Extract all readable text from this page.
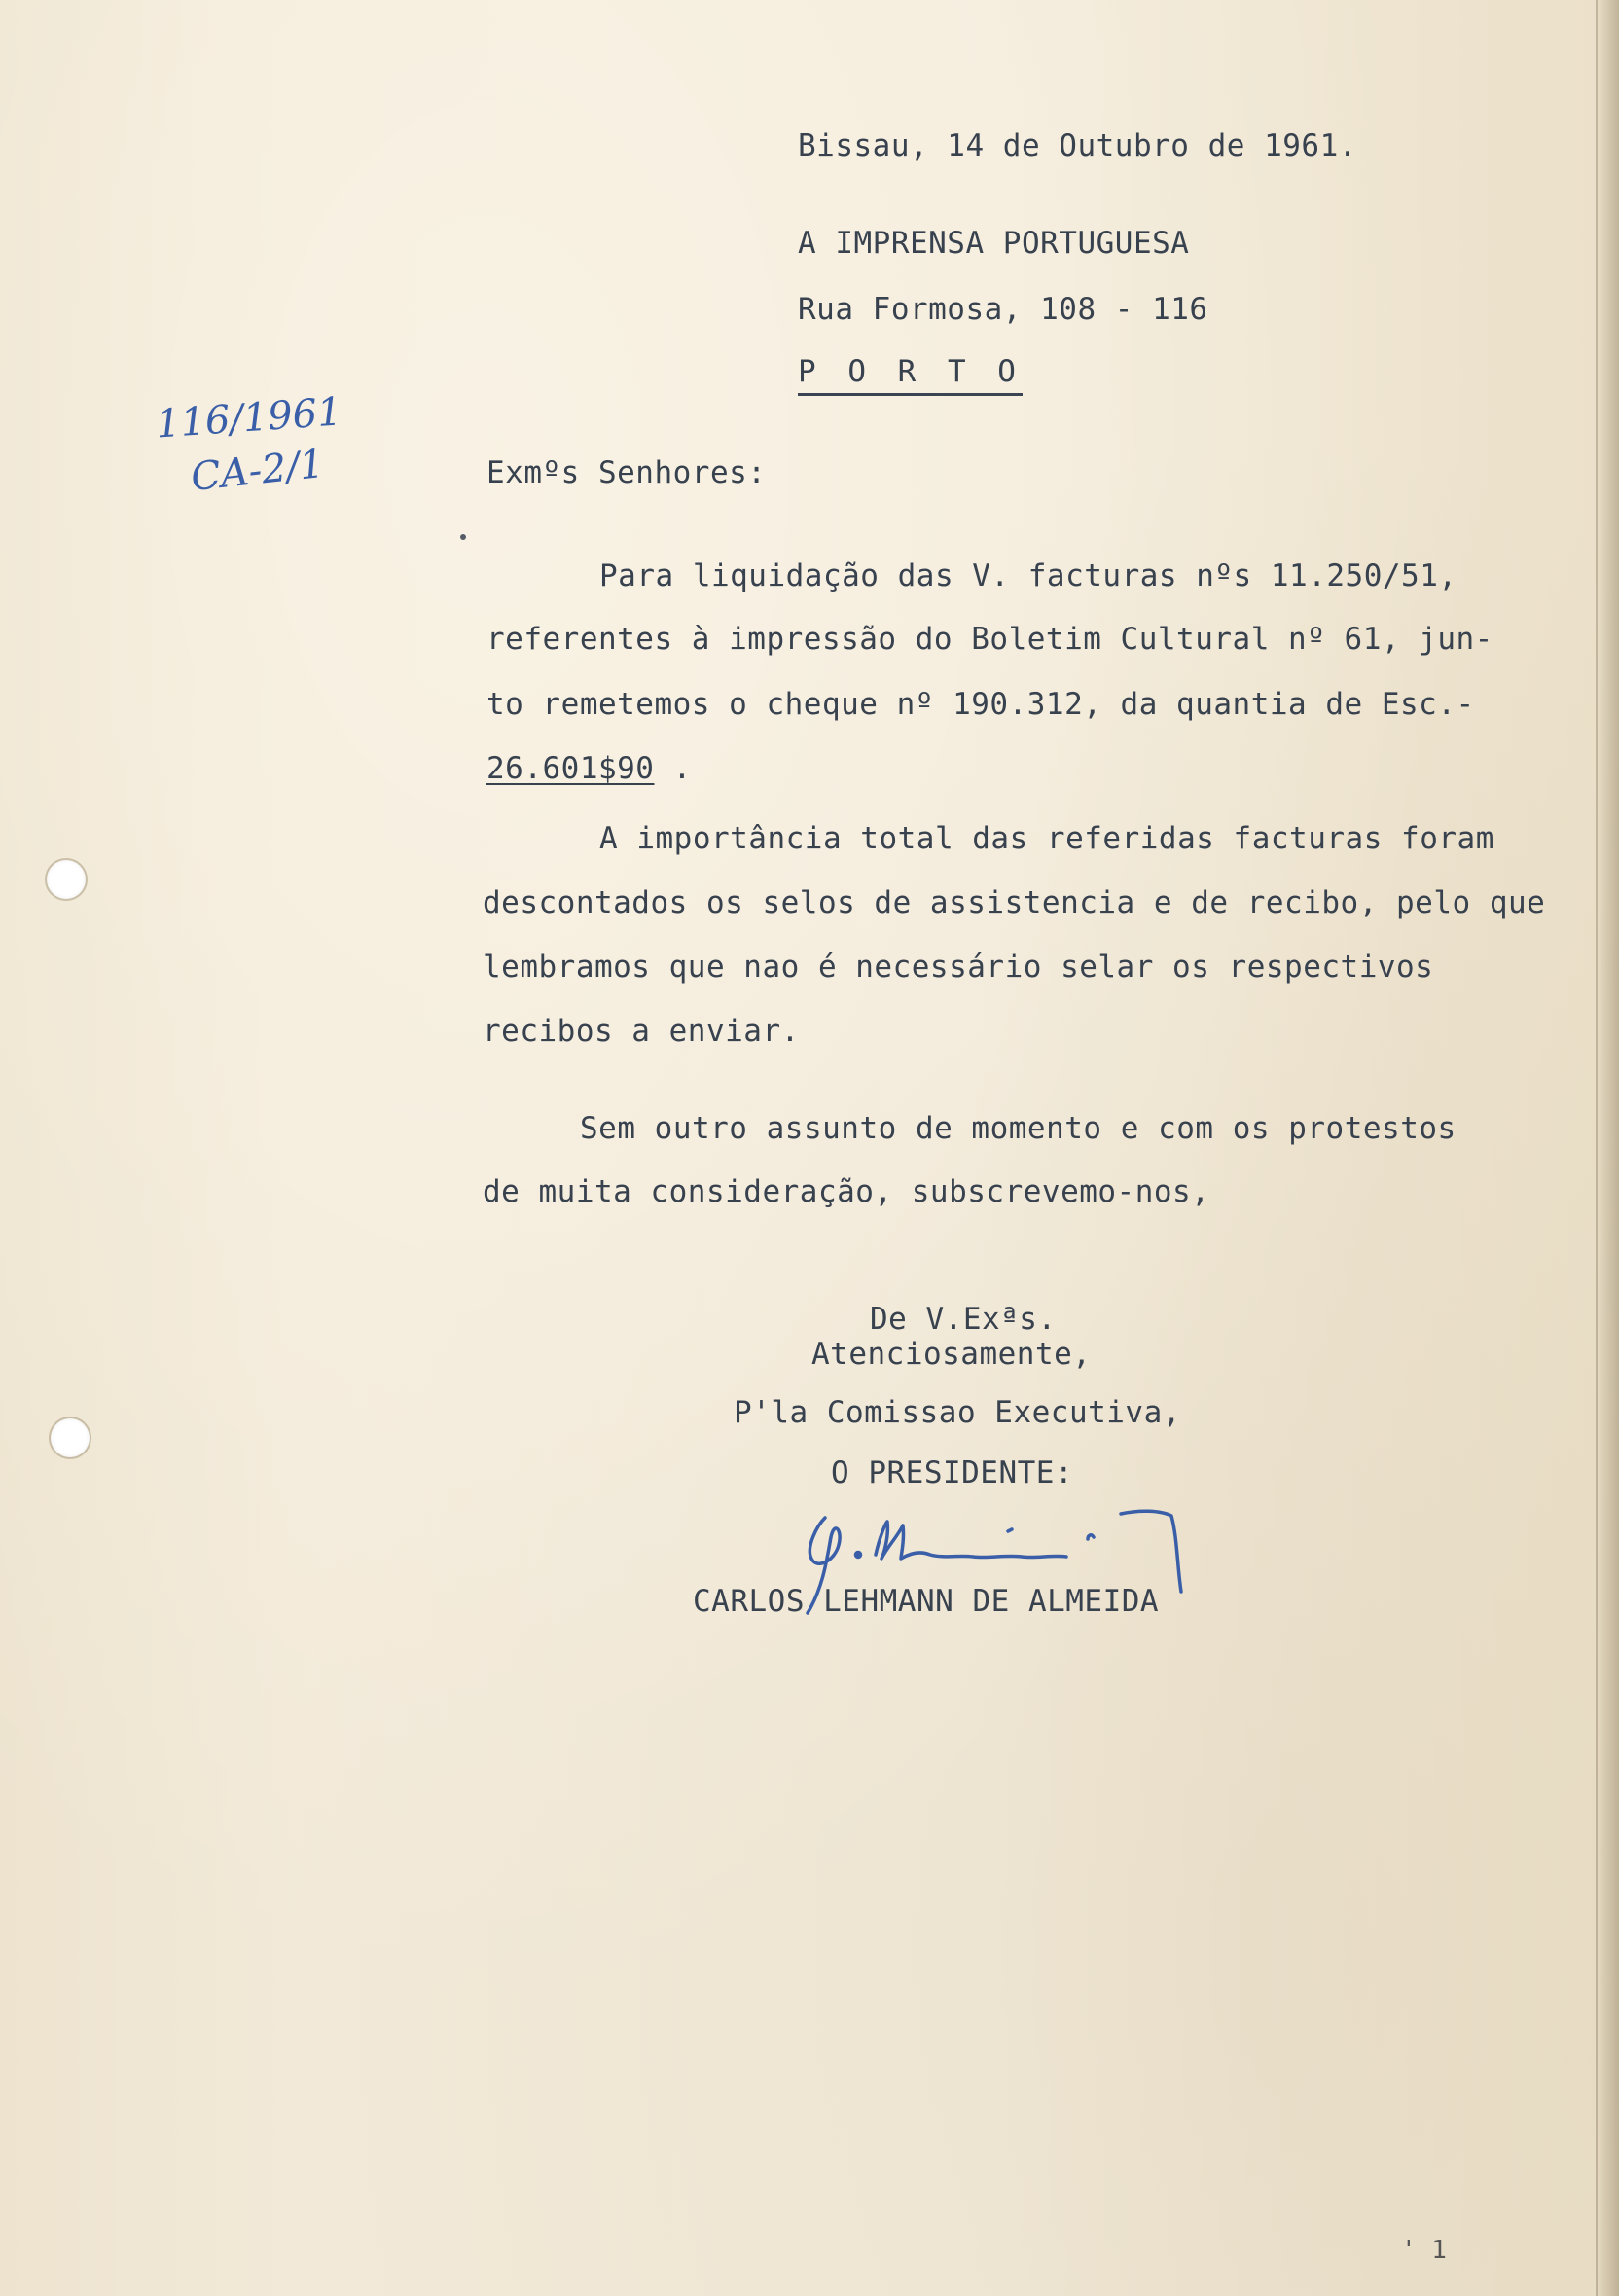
Bissau, 14 de Outubro de 1961.
A IMPRENSA PORTUGUESA
Rua Formosa, 108 - 116
P O R T O
116/1961
CA-2/1	Exmºs Senhores:
Para liquidação das V. facturas nºs 11.250/51,
referentes à impressão do Boletim Cultural nº 61, jun-
to remetemos o cheque nº 190.312, da quantia de Esc.-
26.601$90 .
A importância total das referidas facturas foram
descontados os selos de assistencia e de recibo, pelo que
lembramos que nao é necessário selar os respectivos
recibos a enviar.
Sem outro assunto de momento e com os protestos
de muita consideração, subscrevemo-nos,
De V.Exªs.
Atenciosamente,
P'la Comissao Executiva,
O PRESIDENTE:
CARLOS LEHMANN DE ALMEIDA
' 1
